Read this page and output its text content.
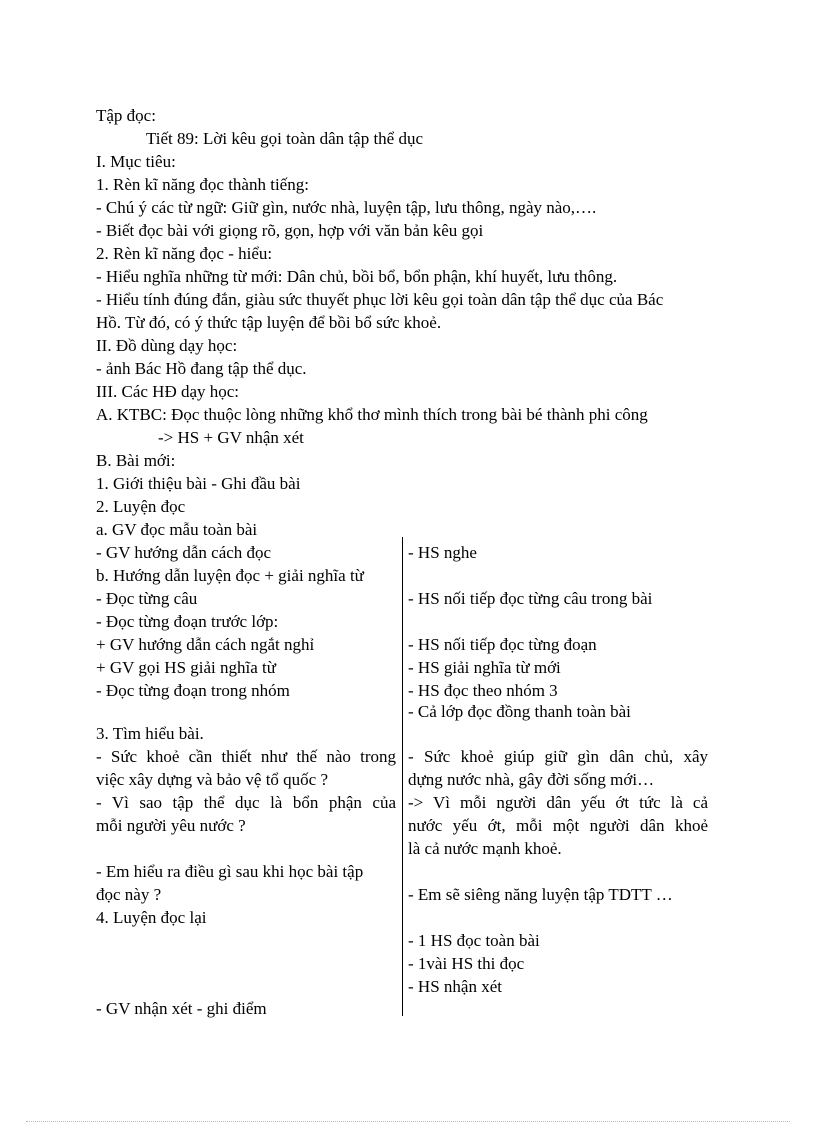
Tập đọc:
Tiết 89: Lời kêu gọi toàn dân tập thể dục
I. Mục tiêu:
1. Rèn kĩ năng đọc thành tiếng:
- Chú ý các từ ngữ: Giữ gìn, nước nhà, luyện tập, lưu thông, ngày nào,….
- Biết đọc bài với giọng rõ, gọn, hợp với văn bản kêu gọi
2. Rèn kĩ năng đọc - hiểu:
- Hiểu nghĩa những từ mới: Dân chủ, bồi bổ, bổn phận, khí huyết, lưu thông.
- Hiểu tính đúng đắn, giàu sức thuyết phục lời kêu gọi toàn dân tập thể dục của Bác
Hồ. Từ đó, có ý thức tập luyện để bồi bổ sức khoẻ.
II. Đồ dùng dạy học:
- ảnh Bác Hồ đang tập thể dục.
III. Các HĐ dạy học:
A. KTBC: Đọc thuộc lòng những khổ thơ mình thích trong bài bé thành phi công
-> HS + GV nhận xét
B. Bài mới:
1. Giới thiệu bài - Ghi đầu bài
2. Luyện đọc
a. GV đọc mẫu toàn bài
- GV hướng dẫn cách đọc
b. Hướng dẫn luyện đọc + giải nghĩa từ
- Đọc từng câu
- Đọc từng đoạn trước lớp:
+ GV hướng dẫn cách ngắt nghỉ
+ GV gọi HS giải nghĩa từ
- Đọc từng đoạn trong nhóm
3. Tìm hiểu bài.
- Sức khoẻ cần thiết như thế nào trong
việc xây dựng và bảo vệ tổ quốc ?
- Vì sao tập thể dục là bổn phận của
mỗi người yêu nước ?
- Em hiểu ra điều gì sau khi học bài tập
đọc này ?
4. Luyện đọc lại
- GV nhận xét - ghi điểm
- HS nghe
- HS nối tiếp đọc từng câu trong bài
- HS nối tiếp đọc từng đoạn
- HS giải nghĩa từ mới
- HS đọc theo nhóm 3
- Cả lớp đọc đồng thanh toàn bài
- Sức khoẻ giúp giữ gìn dân chủ, xây
dựng nước nhà, gây đời sống mới…
-> Vì mỗi người dân yếu ớt tức là cả
nước yếu ớt, mỗi một người dân khoẻ
là cả nước mạnh khoẻ.
- Em sẽ siêng năng luyện tập TDTT …
- 1 HS đọc toàn bài
- 1vài HS thi đọc
- HS nhận xét
